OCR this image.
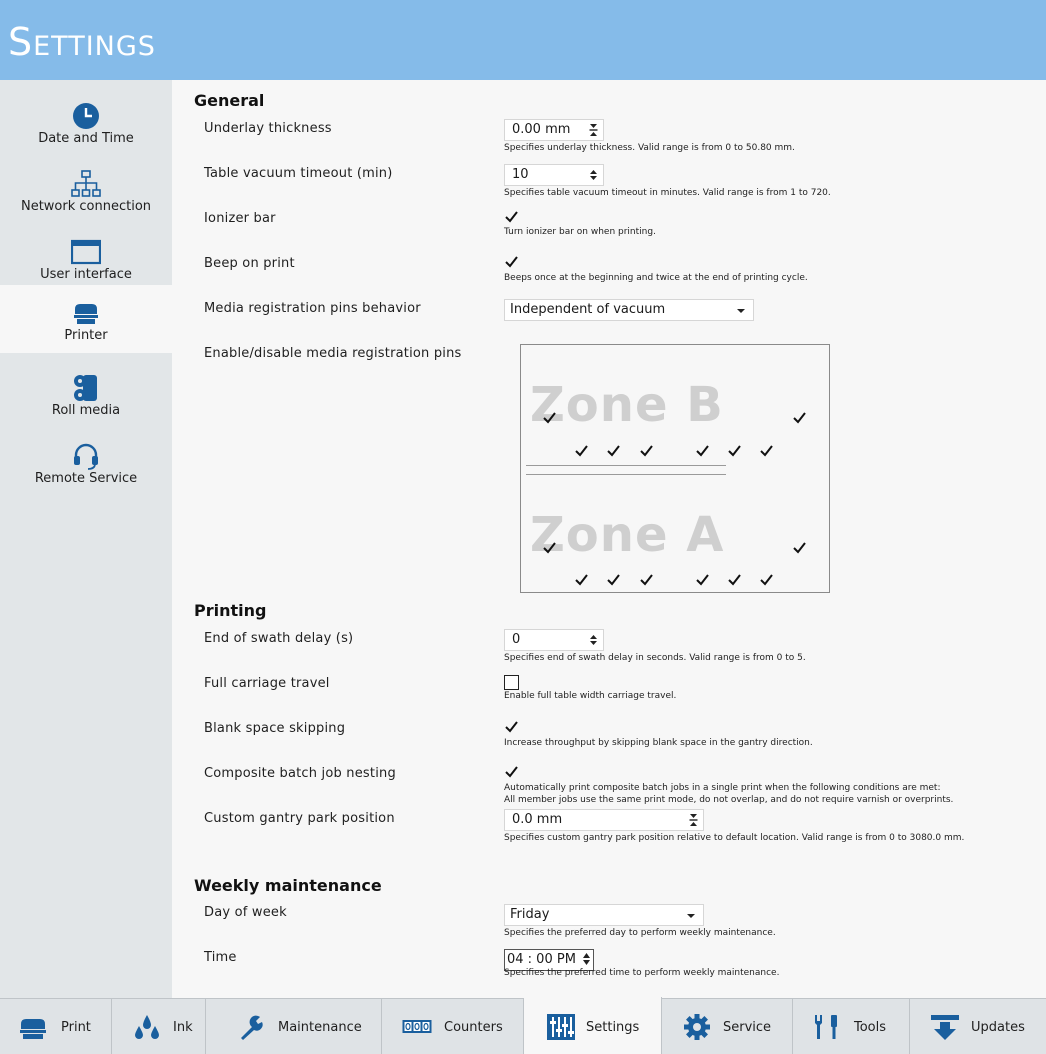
Settings
Date and Time
Network connection
User interface
Printer
Roll media
Remote Service
General
Underlay thickness	0.00 mm
Specifies underlay thickness. Valid range is from 0 to 50.80 mm.
Table vacuum timeout (min)	10
Specifies table vacuum timeout in minutes. Valid range is from 1 to 720.
Ionizer bar
Turn ionizer bar on when printing.
Beep on print
Beeps once at the beginning and twice at the end of printing cycle.
Media registration pins behavior	Independent of vacuum
Enable/disable media registration pins
Zone B
Zone A
Printing
End of swath delay (s)	0
Specifies end of swath delay in seconds. Valid range is from 0 to 5.
Full carriage travel
Enable full table width carriage travel.
Blank space skipping
Increase throughput by skipping blank space in the gantry direction.
Composite batch job nesting
Automatically print composite batch jobs in a single print when the following conditions are met:
All member jobs use the same print mode, do not overlap, and do not require varnish or overprints.
Custom gantry park position	0.0 mm
Specifies custom gantry park position relative to default location. Valid range is from 0 to 3080.0 mm.
Weekly maintenance
Day of week	Friday
Specifies the preferred day to perform weekly maintenance.
Time	04 : 00 PM
Specifies the preferred time to perform weekly maintenance.
Print	Ink	Maintenance	Counters	Settings	Service	Tools	Updates
